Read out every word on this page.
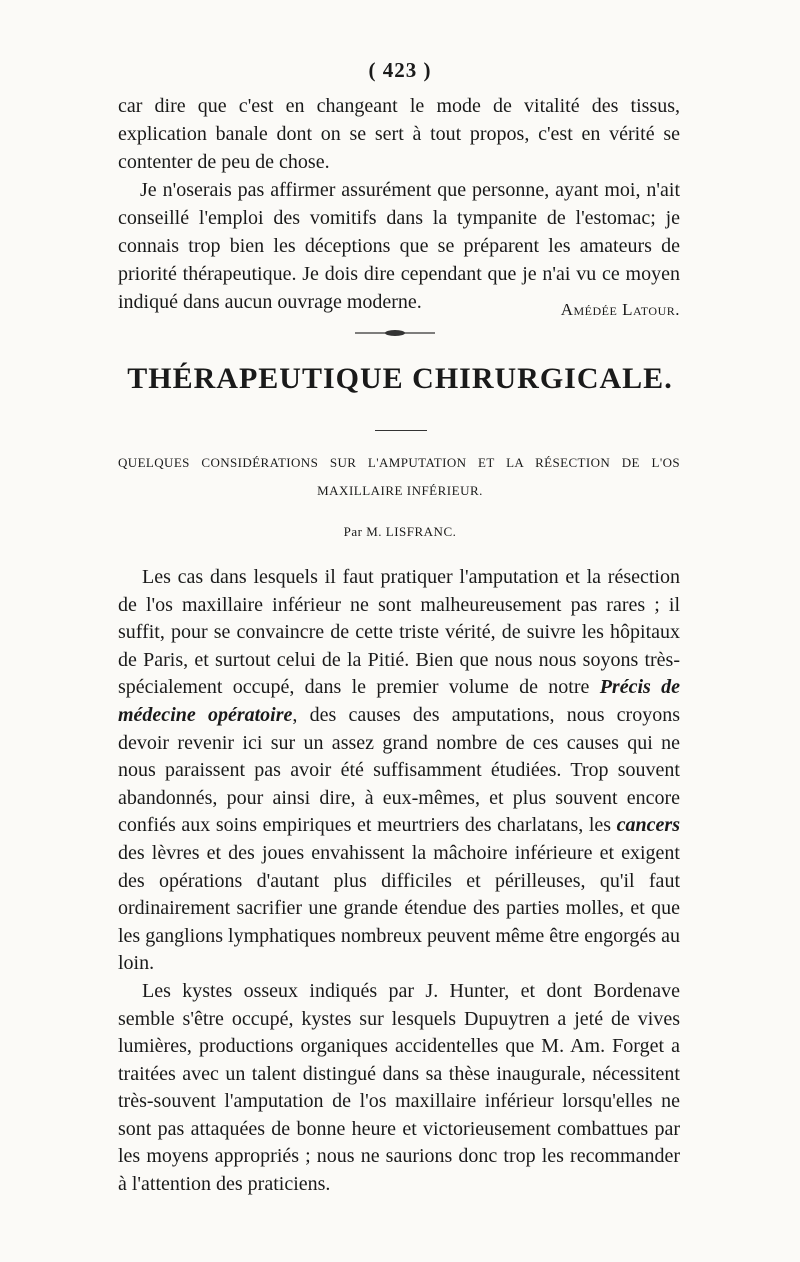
( 423 )

car dire que c'est en changeant le mode de vitalité des tissus, explication banale dont on se sert à tout propos, c'est en vérité se contenter de peu de chose.

Je n'oserais pas affirmer assurément que personne, ayant moi, n'ait conseillé l'emploi des vomitifs dans la tympanite de l'estomac; je connais trop bien les déceptions que se préparent les amateurs de priorité thérapeutique. Je dois dire cependant que je n'ai vu ce moyen indiqué dans aucun ouvrage moderne.	Amédée Latour.
THÉRAPEUTIQUE CHIRURGICALE.
QUELQUES CONSIDÉRATIONS SUR L'AMPUTATION ET LA RÉSECTION DE L'OS
MAXILLAIRE INFÉRIEUR.
Par M. LISFRANC.

Les cas dans lesquels il faut pratiquer l'amputation et la résection de l'os maxillaire inférieur ne sont malheureusement pas rares ; il suffit, pour se convaincre de cette triste vérité, de suivre les hôpitaux de Paris, et surtout celui de la Pitié. Bien que nous nous soyons très-spécialement occupé, dans le premier volume de notre Précis de médecine opératoire, des causes des amputations, nous croyons devoir revenir ici sur un assez grand nombre de ces causes qui ne nous paraissent pas avoir été suffisamment étudiées. Trop souvent abandonnés, pour ainsi dire, à eux-mêmes, et plus souvent encore confiés aux soins empiriques et meurtriers des charlatans, les cancers des lèvres et des joues envahissent la mâchoire inférieure et exigent des opérations d'autant plus difficiles et périlleuses, qu'il faut ordinairement sacrifier une grande étendue des parties molles, et que les ganglions lymphatiques nombreux peuvent même être engorgés au loin.

Les kystes osseux indiqués par J. Hunter, et dont Bordenave semble s'être occupé, kystes sur lesquels Dupuytren a jeté de vives lumières, productions organiques accidentelles que M. Am. Forget a traitées avec un talent distingué dans sa thèse inaugurale, nécessitent très-souvent l'amputation de l'os maxillaire inférieur lorsqu'elles ne sont pas attaquées de bonne heure et victorieusement combattues par les moyens appropriés ; nous ne saurions donc trop les recommander à l'attention des praticiens.
